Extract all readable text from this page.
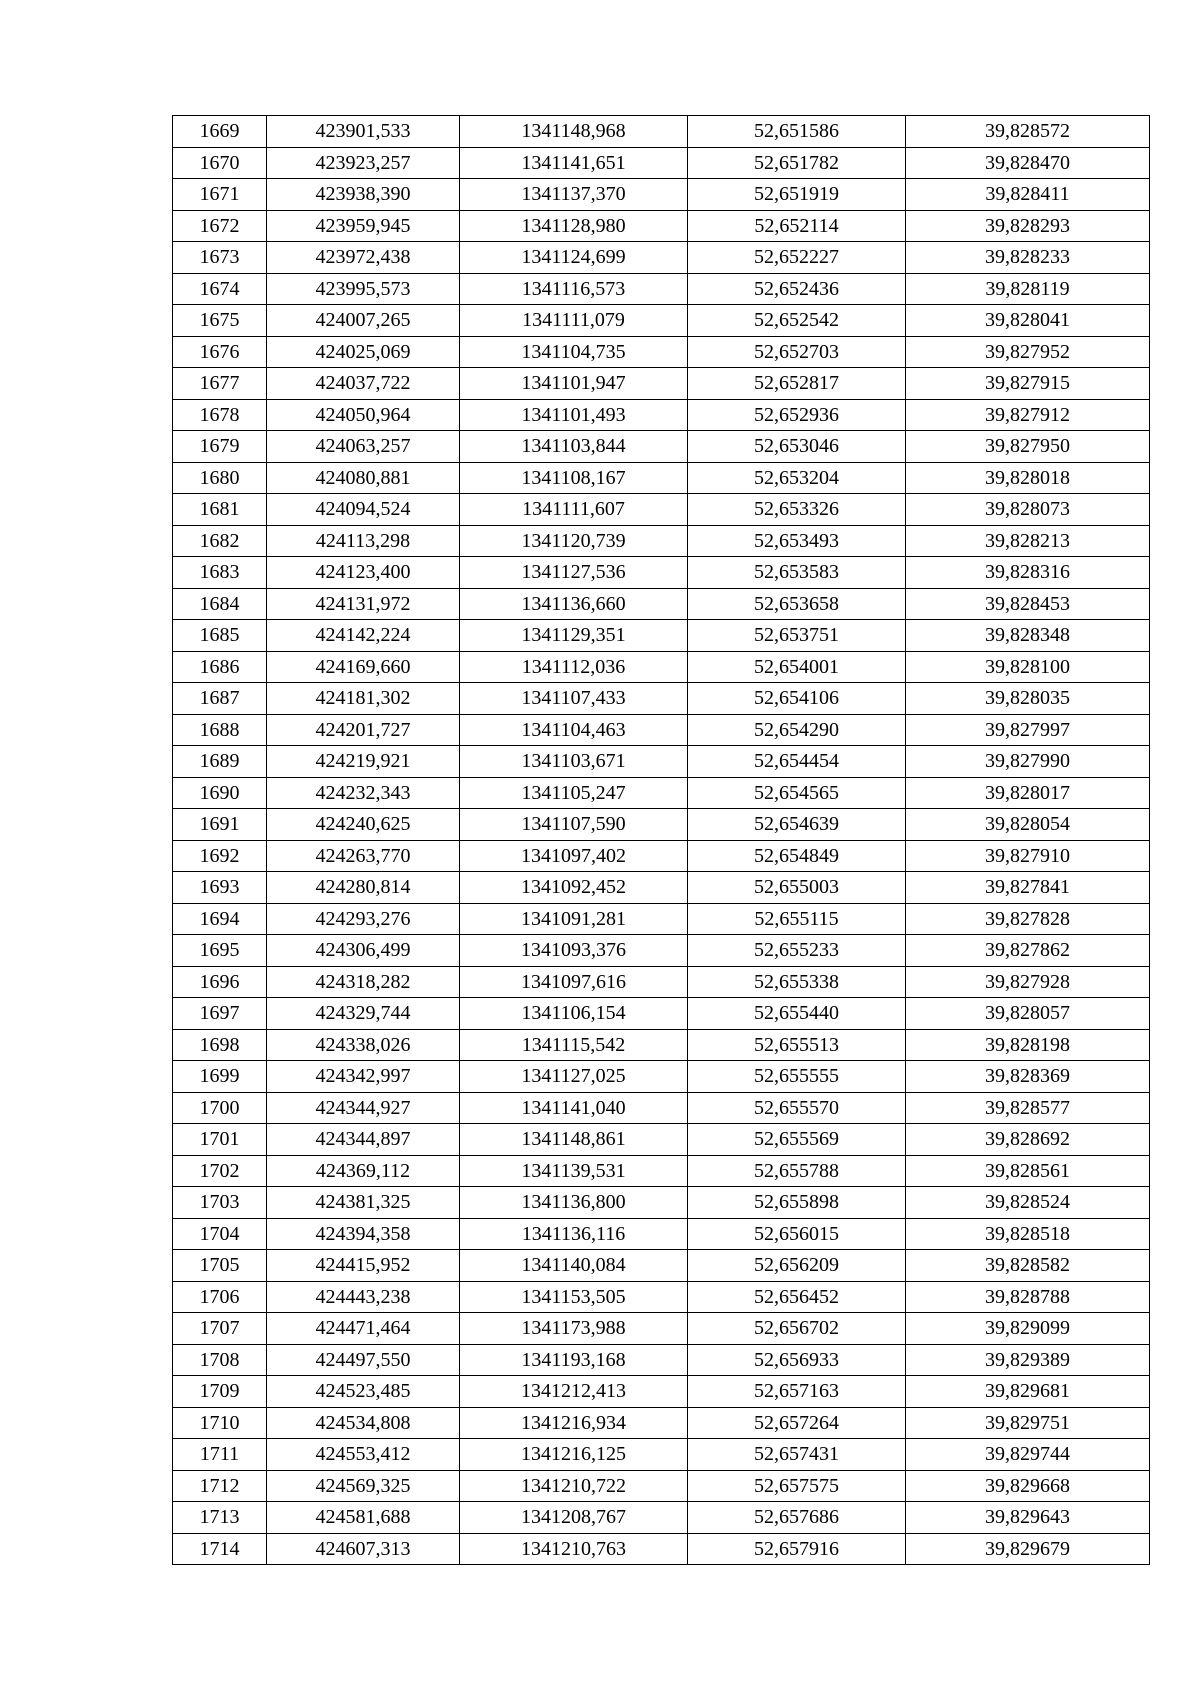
1669	423901,533	1341148,968	52,651586	39,828572
1670	423923,257	1341141,651	52,651782	39,828470
1671	423938,390	1341137,370	52,651919	39,828411
1672	423959,945	1341128,980	52,652114	39,828293
1673	423972,438	1341124,699	52,652227	39,828233
1674	423995,573	1341116,573	52,652436	39,828119
1675	424007,265	1341111,079	52,652542	39,828041
1676	424025,069	1341104,735	52,652703	39,827952
1677	424037,722	1341101,947	52,652817	39,827915
1678	424050,964	1341101,493	52,652936	39,827912
1679	424063,257	1341103,844	52,653046	39,827950
1680	424080,881	1341108,167	52,653204	39,828018
1681	424094,524	1341111,607	52,653326	39,828073
1682	424113,298	1341120,739	52,653493	39,828213
1683	424123,400	1341127,536	52,653583	39,828316
1684	424131,972	1341136,660	52,653658	39,828453
1685	424142,224	1341129,351	52,653751	39,828348
1686	424169,660	1341112,036	52,654001	39,828100
1687	424181,302	1341107,433	52,654106	39,828035
1688	424201,727	1341104,463	52,654290	39,827997
1689	424219,921	1341103,671	52,654454	39,827990
1690	424232,343	1341105,247	52,654565	39,828017
1691	424240,625	1341107,590	52,654639	39,828054
1692	424263,770	1341097,402	52,654849	39,827910
1693	424280,814	1341092,452	52,655003	39,827841
1694	424293,276	1341091,281	52,655115	39,827828
1695	424306,499	1341093,376	52,655233	39,827862
1696	424318,282	1341097,616	52,655338	39,827928
1697	424329,744	1341106,154	52,655440	39,828057
1698	424338,026	1341115,542	52,655513	39,828198
1699	424342,997	1341127,025	52,655555	39,828369
1700	424344,927	1341141,040	52,655570	39,828577
1701	424344,897	1341148,861	52,655569	39,828692
1702	424369,112	1341139,531	52,655788	39,828561
1703	424381,325	1341136,800	52,655898	39,828524
1704	424394,358	1341136,116	52,656015	39,828518
1705	424415,952	1341140,084	52,656209	39,828582
1706	424443,238	1341153,505	52,656452	39,828788
1707	424471,464	1341173,988	52,656702	39,829099
1708	424497,550	1341193,168	52,656933	39,829389
1709	424523,485	1341212,413	52,657163	39,829681
1710	424534,808	1341216,934	52,657264	39,829751
1711	424553,412	1341216,125	52,657431	39,829744
1712	424569,325	1341210,722	52,657575	39,829668
1713	424581,688	1341208,767	52,657686	39,829643
1714	424607,313	1341210,763	52,657916	39,829679
